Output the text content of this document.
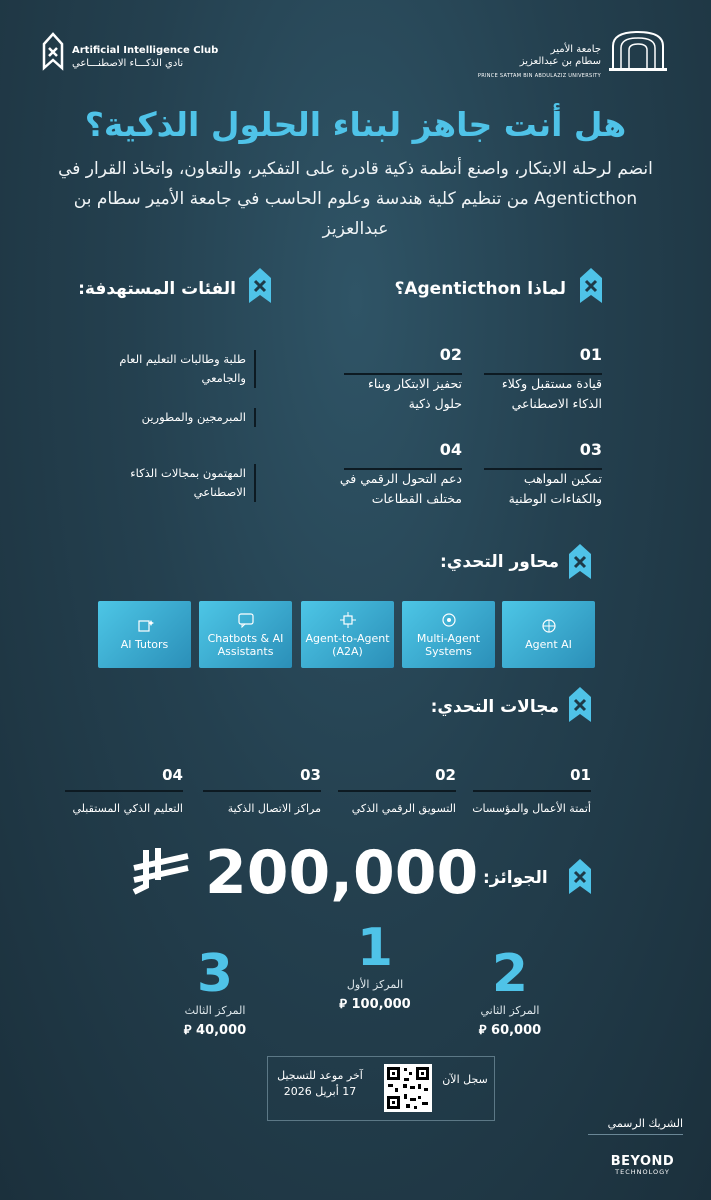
Artificial Intelligence Club
نادي الذكـــاء الاصطنـــاعي
جامعة الأمير
سطام بن عبدالعزيز
PRINCE SATTAM BIN ABDULAZIZ UNIVERSITY
هل أنت جاهز لبناء الحلول الذكية؟
انضم لرحلة الابتكار، واصنع أنظمة ذكية قادرة على التفكير، والتعاون، واتخاذ القرار في Agenticthon من تنظيم كلية هندسة وعلوم الحاسب في جامعة الأمير سطام بن عبدالعزيز
لماذا Agenticthon؟
01
قيادة مستقبل وكلاء الذكاء الاصطناعي
02
تحفيز الابتكار وبناء حلول ذكية
03
تمكين المواهب والكفاءات الوطنية
04
دعم التحول الرقمي في مختلف القطاعات
الفئات المستهدفة:
طلبة وطالبات التعليم العام والجامعي
المبرمجين والمطورين
المهتمون بمجالات الذكاء الاصطناعي
محاور التحدي:
Agent AI
Multi-Agent Systems
Agent-to-Agent (A2A)
Chatbots & AI Assistants
AI Tutors
مجالات التحدي:
01
أتمتة الأعمال والمؤسسات
02
التسويق الرقمي الذكي
03
مراكز الاتصال الذكية
04
التعليم الذكي المستقبلي
الجوائز:
200,000
1
المركز الأول
⃁ 100,000
2
المركز الثاني
⃁ 60,000
3
المركز الثالث
⃁ 40,000
آخر موعد للتسجيل
17 أبريل 2026
سجل الآن
الشريك الرسمي
BEYOND
TECHNOLOGY
